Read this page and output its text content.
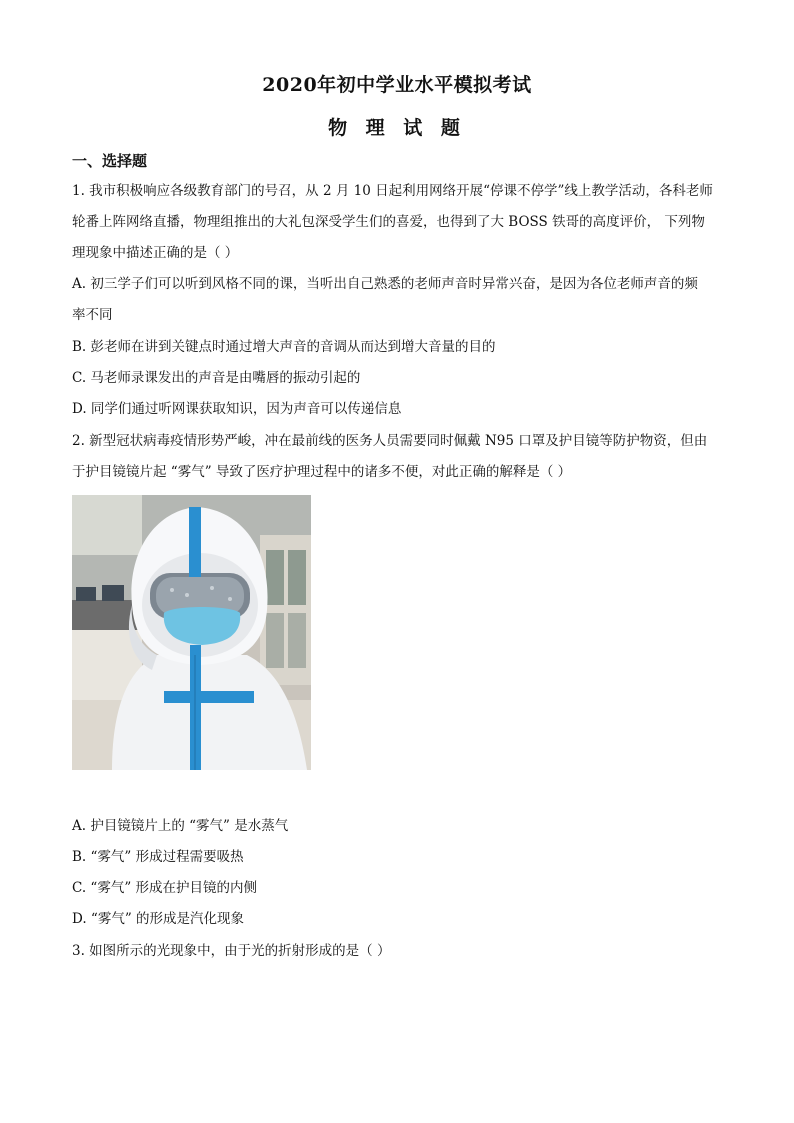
2020年初中学业水平模拟考试
物 理 试 题
一、选择题
1. 我市积极响应各级教育部门的号召，从 2 月 10 日起利用网络开展“停课不停学”线上教学活动，各科老师
轮番上阵网络直播，物理组推出的大礼包深受学生们的喜爱，也得到了大 BOSS 铁哥的高度评价， 下列物
理现象中描述正确的是（ ）
A. 初三学子们可以听到风格不同的课，当听出自己熟悉的老师声音时异常兴奋，是因为各位老师声音的频
率不同
B. 彭老师在讲到关键点时通过增大声音的音调从而达到增大音量的目的
C. 马老师录课发出的声音是由嘴唇的振动引起的
D. 同学们通过听网课获取知识，因为声音可以传递信息
2. 新型冠状病毒疫情形势严峻，冲在最前线的医务人员需要同时佩戴 N95 口罩及护目镜等防护物资，但由
于护目镜镜片起 “雾气” 导致了医疗护理过程中的诸多不便，对此正确的解释是（ ）
A. 护目镜镜片上的 “雾气” 是水蒸气
B. “雾气” 形成过程需要吸热
C. “雾气” 形成在护目镜的内侧
D. “雾气” 的形成是汽化现象
3. 如图所示的光现象中，由于光的折射形成的是（ ）
